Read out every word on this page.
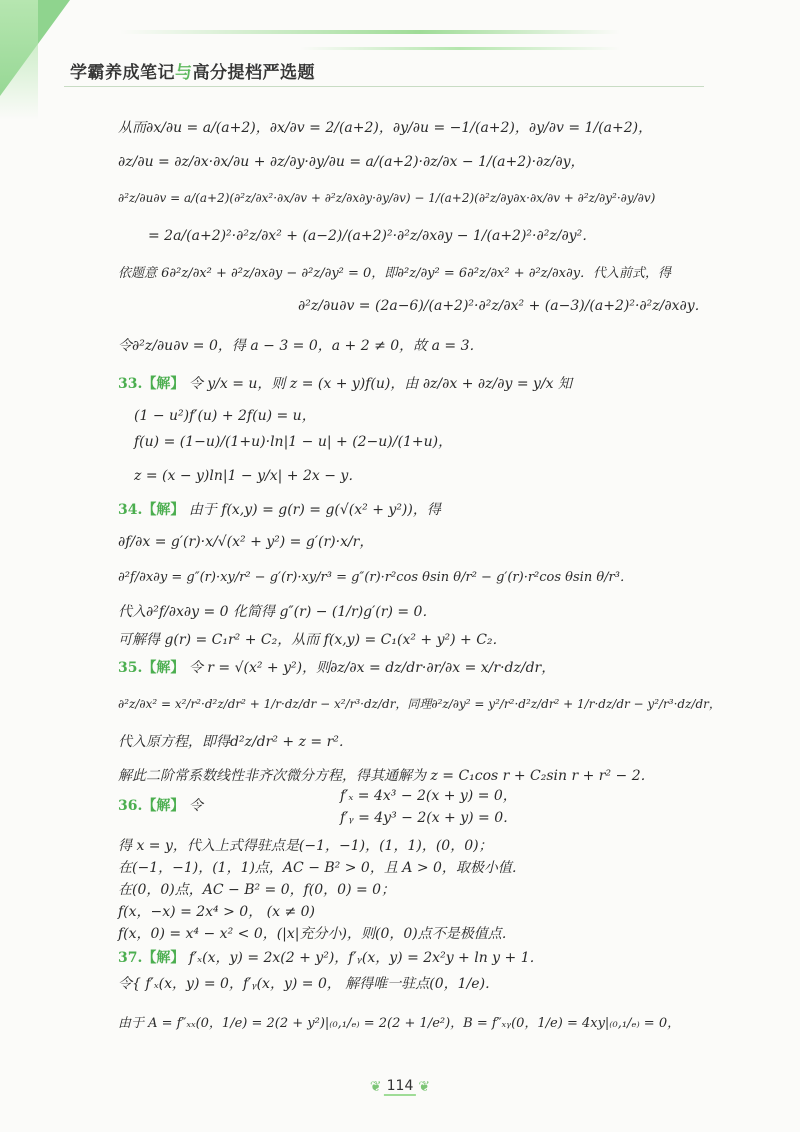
学霸养成笔记与高分提档严选题
从而∂x/∂u = a/(a+2)，∂x/∂v = 2/(a+2)，∂y/∂u = −1/(a+2)，∂y/∂v = 1/(a+2)，
∂z/∂u = ∂z/∂x·∂x/∂u + ∂z/∂y·∂y/∂u = a/(a+2)·∂z/∂x − 1/(a+2)·∂z/∂y，
∂²z/∂u∂v = a/(a+2)(∂²z/∂x²·∂x/∂v + ∂²z/∂x∂y·∂y/∂v) − 1/(a+2)(∂²z/∂y∂x·∂x/∂v + ∂²z/∂y²·∂y/∂v)
= 2a/(a+2)²·∂²z/∂x² + (a−2)/(a+2)²·∂²z/∂x∂y − 1/(a+2)²·∂²z/∂y²．
依题意 6∂²z/∂x² + ∂²z/∂x∂y − ∂²z/∂y² = 0，即∂²z/∂y² = 6∂²z/∂x² + ∂²z/∂x∂y．代入前式，得
∂²z/∂u∂v = (2a−6)/(a+2)²·∂²z/∂x² + (a−3)/(a+2)²·∂²z/∂x∂y．
令∂²z/∂u∂v = 0，得 a − 3 = 0，a + 2 ≠ 0，故 a = 3．
33.【解】 令 y/x = u，则 z = (x + y)f(u)，由 ∂z/∂x + ∂z/∂y = y/x 知
(1 − u²)f′(u) + 2f(u) = u，
f(u) = (1−u)/(1+u)·ln|1 − u| + (2−u)/(1+u)，
z = (x − y)ln|1 − y/x| + 2x − y．
34.【解】 由于 f(x,y) = g(r) = g(√(x² + y²))，得
∂f/∂x = g′(r)·x/√(x² + y²) = g′(r)·x/r，
∂²f/∂x∂y = g″(r)·xy/r² − g′(r)·xy/r³ = g″(r)·r²cos θsin θ/r² − g′(r)·r²cos θsin θ/r³．
代入∂²f/∂x∂y = 0 化简得 g″(r) − (1/r)g′(r) = 0．
可解得 g(r) = C₁r² + C₂，从而 f(x,y) = C₁(x² + y²) + C₂．
35.【解】 令 r = √(x² + y²)，则∂z/∂x = dz/dr·∂r/∂x = x/r·dz/dr，
∂²z/∂x² = x²/r²·d²z/dr² + 1/r·dz/dr − x²/r³·dz/dr，同理∂²z/∂y² = y²/r²·d²z/dr² + 1/r·dz/dr − y²/r³·dz/dr，
代入原方程，即得d²z/dr² + z = r²．
解此二阶常系数线性非齐次微分方程，得其通解为 z = C₁cos r + C₂sin r + r² − 2．
36.【解】 令
f′ₓ = 4x³ − 2(x + y) = 0，
f′ᵧ = 4y³ − 2(x + y) = 0．
得 x = y，代入上式得驻点是(−1，−1)，(1，1)，(0，0)；
在(−1，−1)，(1，1)点，AC − B² > 0，且 A > 0，取极小值．
在(0，0)点，AC − B² = 0，f(0，0) = 0；
f(x，−x) = 2x⁴ > 0， (x ≠ 0)
f(x，0) = x⁴ − x² < 0，(|x|充分小)，则(0，0)点不是极值点．
37.【解】 f′ₓ(x，y) = 2x(2 + y²)，f′ᵧ(x，y) = 2x²y + ln y + 1．
令{ f′ₓ(x，y) = 0，f′ᵧ(x，y) = 0， 解得唯一驻点(0，1/e)．
由于 A = f″ₓₓ(0，1/e) = 2(2 + y²)|₍₀,₁/ₑ₎ = 2(2 + 1/e²)，B = f″ₓᵧ(0，1/e) = 4xy|₍₀,₁/ₑ₎ = 0，
❦ 114 ❦
